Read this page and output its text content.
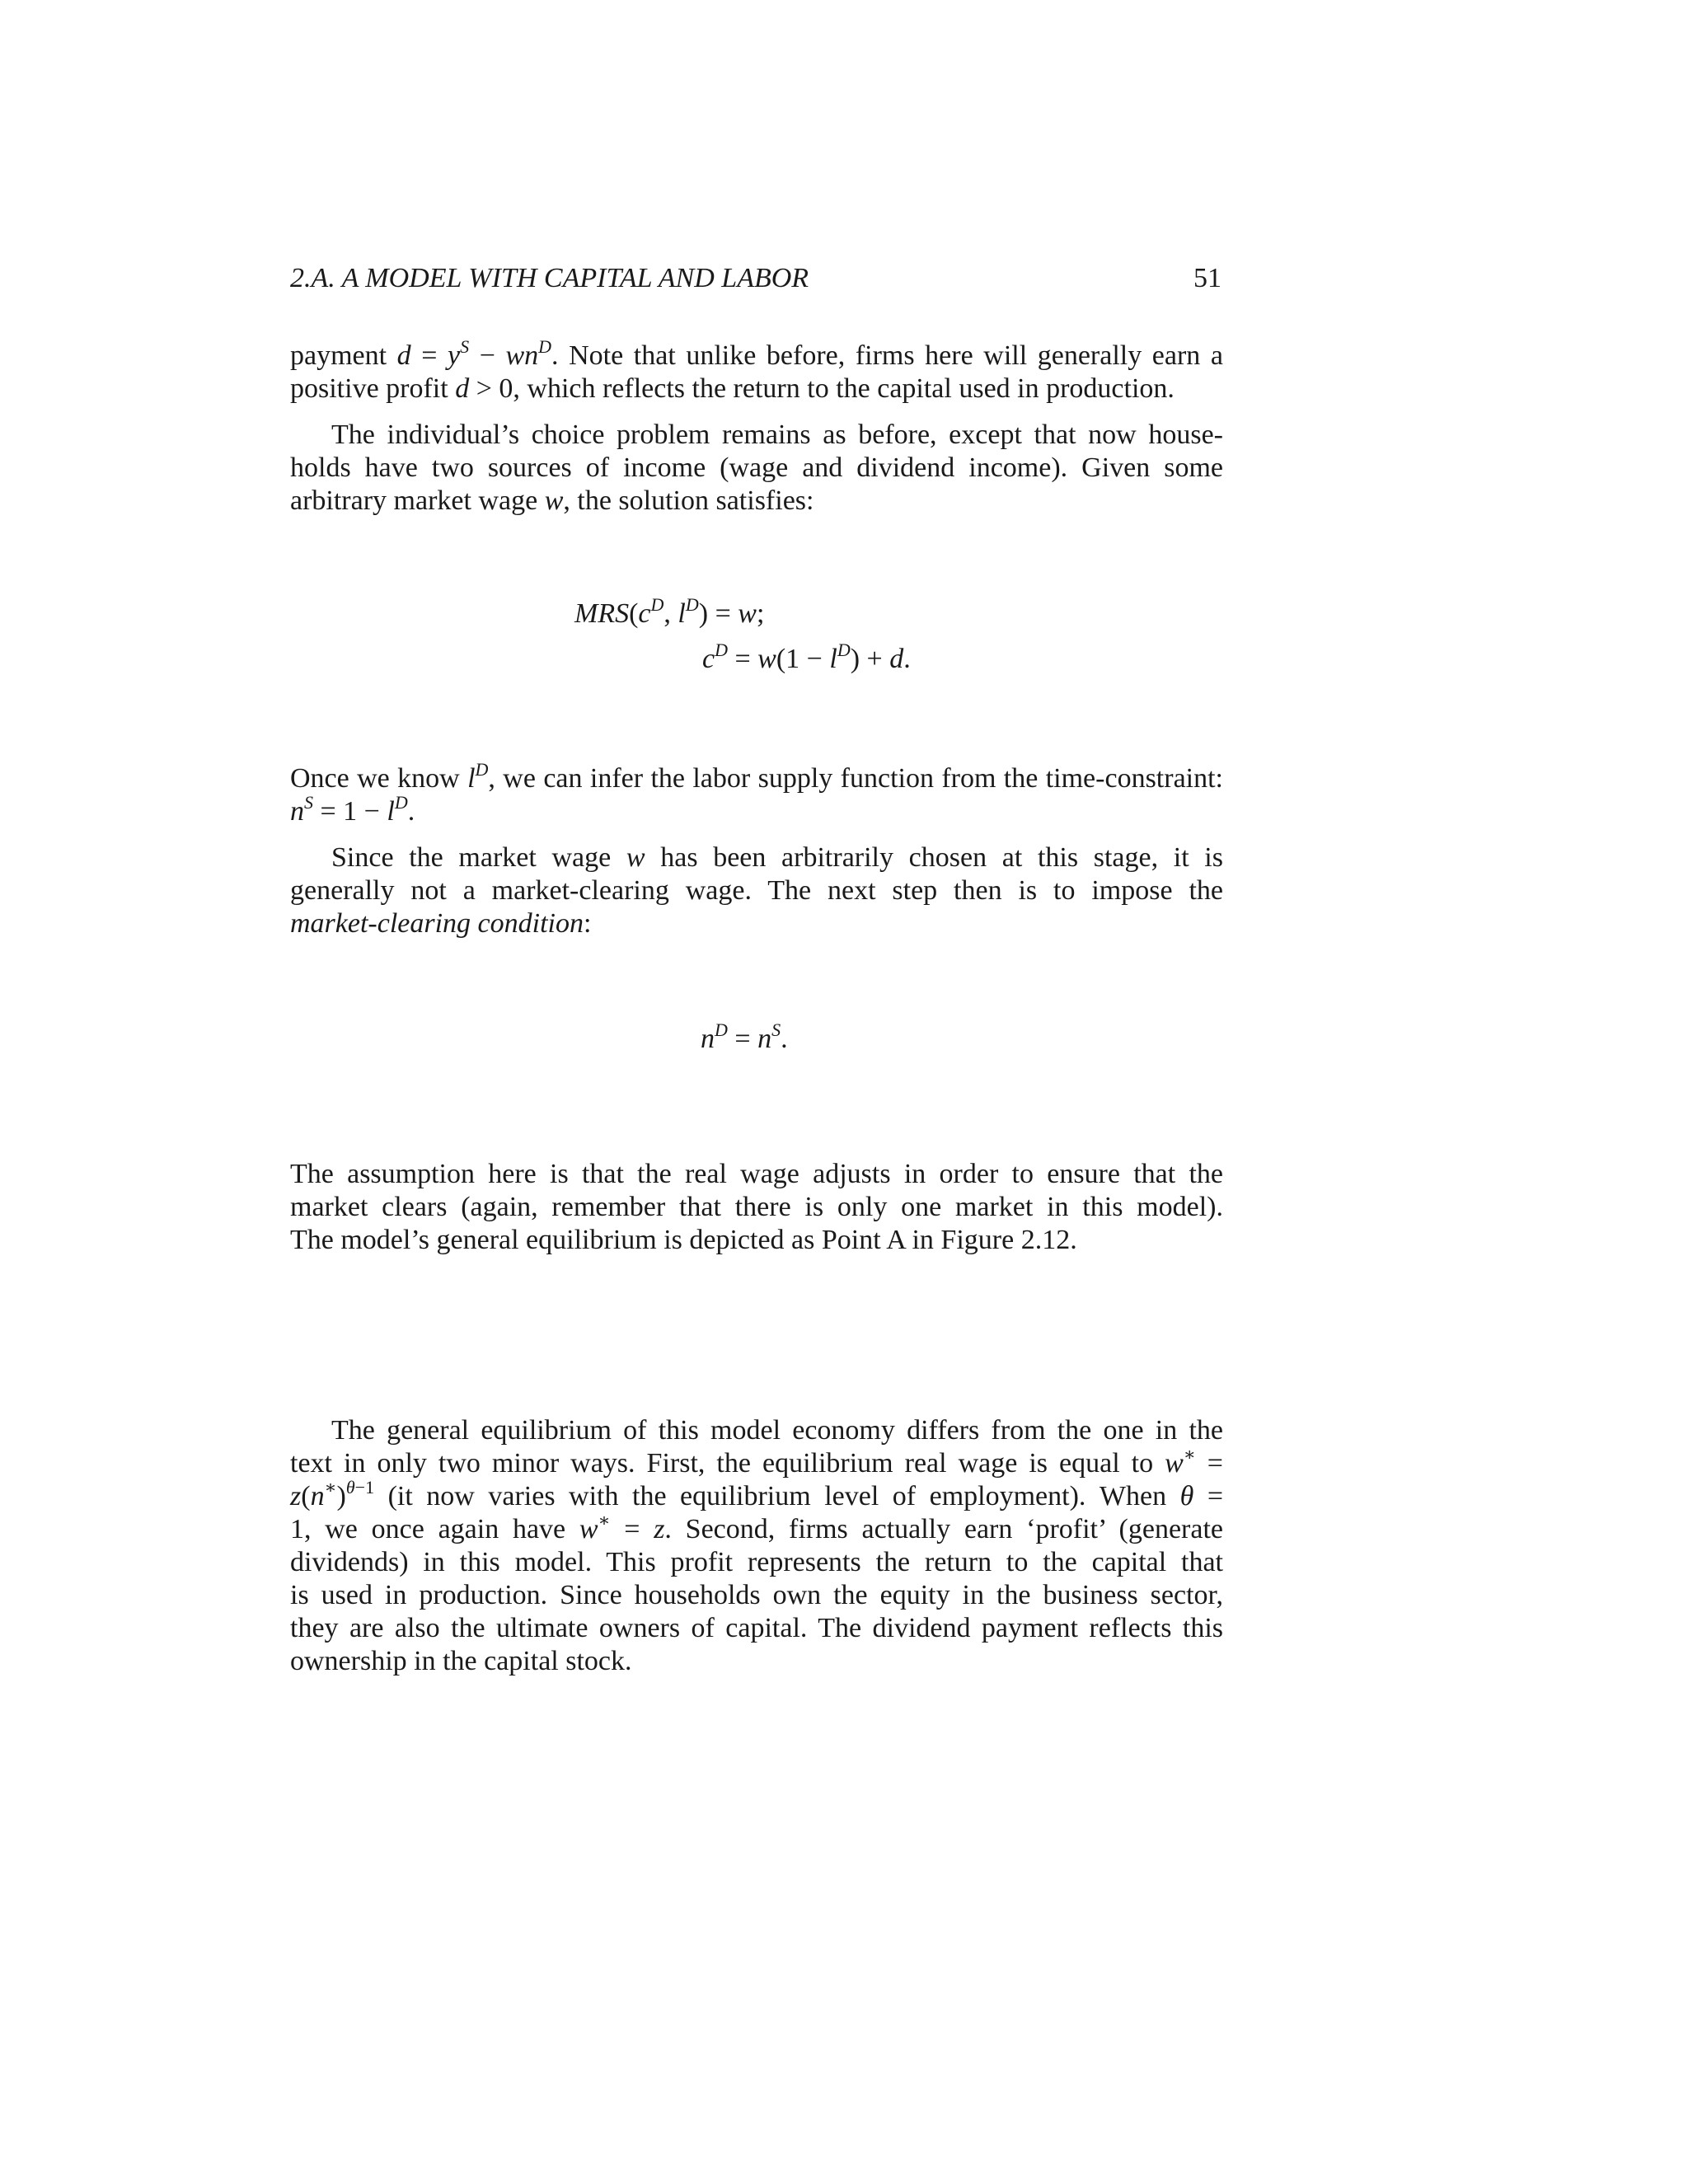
2.A. A MODEL WITH CAPITAL AND LABOR	51
payment $d = y^S - wn^D$. Note that unlike before, firms here will generally earn a
positive profit d > 0, which reflects the return to the capital used in production.
The individual’s choice problem remains as before, except that now house-
holds have two sources of income (wage and dividend income). Given some
arbitrary market wage w, the solution satisfies:
$MRS(c^D$, $l^D) = w$;
$c^D = w(1 - l^D) + d$.
Once we know $l^D$, we can infer the labor supply function from the time-constraint:
$n^S = 1 - l^D$.
Since the market wage w has been arbitrarily chosen at this stage, it is
generally not a market-clearing wage. The next step then is to impose the
market-clearing condition:
$n^D = n^S$.
The assumption here is that the real wage adjusts in order to ensure that the
market clears (again, remember that there is only one market in this model).
The model’s general equilibrium is depicted as Point A in Figure 2.12.
The general equilibrium of this model economy differs from the one in the
text in only two minor ways. First, the equilibrium real wage is equal to w∗ =
$z(n^∗)^{\theta-1}$ (it now varies with the equilibrium level of employment). When θ =
1, we once again have w∗ = z. Second, firms actually earn ‘profit’ (generate
dividends) in this model. This profit represents the return to the capital that
is used in production. Since households own the equity in the business sector,
they are also the ultimate owners of capital. The dividend payment reflects this
ownership in the capital stock.
